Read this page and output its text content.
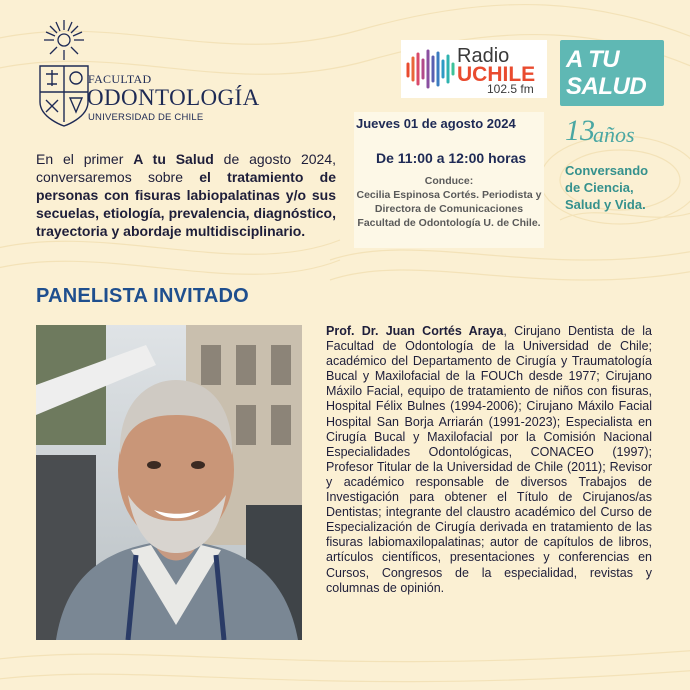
FACULTAD
ODONTOLOGÍA
UNIVERSIDAD DE CHILE
Radio
UCHILE
102.5 fm
A TU
SALUD
13
años
Conversando
de Ciencia,
Salud y Vida.
Jueves 01 de agosto 2024
De 11:00 a 12:00 horas
Conduce:
Cecilia Espinosa Cortés. Periodista y
Directora de Comunicaciones
Facultad de Odontología U. de Chile.

En el primer A tu Salud de agosto 2024, conversaremos sobre el tratamiento de personas con fisuras labiopalatinas y/o sus secuelas, etiología, prevalencia, diagnóstico, trayectoria y abordaje multidisciplinario.

PANELISTA INVITADO

Prof. Dr. Juan Cortés Araya, Cirujano Dentista de la Facultad de Odontología de la Universidad de Chile; académico del Departamento de Cirugía y Traumatología Bucal y Maxilofacial de la FOUCh desde 1977; Cirujano Máxilo Facial, equipo de tratamiento de niños con fisuras, Hospital Félix Bulnes (1994-2006); Cirujano Máxilo Facial Hospital San Borja Arriarán (1991-2023); Especialista en Cirugía Bucal y Maxilofacial por la Comisión Nacional Especialidades Odontológicas, CONACEO (1997); Profesor Titular de la Universidad de Chile (2011); Revisor y académico responsable de diversos Trabajos de Investigación para obtener el Título de Cirujanos/as Dentistas; integrante del claustro académico del Curso de Especialización de Cirugía derivada en tratamiento de las fisuras labiomaxilopalatinas; autor de capítulos de libros, artículos científicos, presentaciones y conferencias en Cursos, Congresos de la especialidad, revistas y columnas de opinión.
